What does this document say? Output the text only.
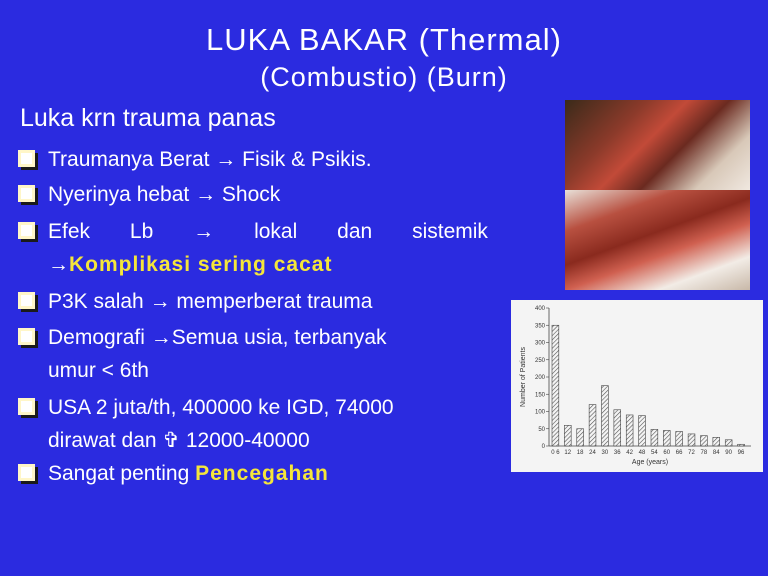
LUKA BAKAR (Thermal)
(Combustio) (Burn)
Luka krn trauma panas
Traumanya Berat → Fisik & Psikis.
Nyerinya hebat → Shock
Efek Lb → lokal dan sistemik
→Komplikasi sering cacat
P3K salah → memperberat trauma
Demografi →Semua usia, terbanyak
umur < 6th
USA 2 juta/th, 400000 ke IGD, 74000
dirawat dan ✞ 12000-40000
Sangat penting Pencegahan
0
50
100
150
200
250
300
350
400
0 6 12 18 24 30 36 42 48 54 60 66 72 78 84 90 96
Age (years)
Number of Patients
